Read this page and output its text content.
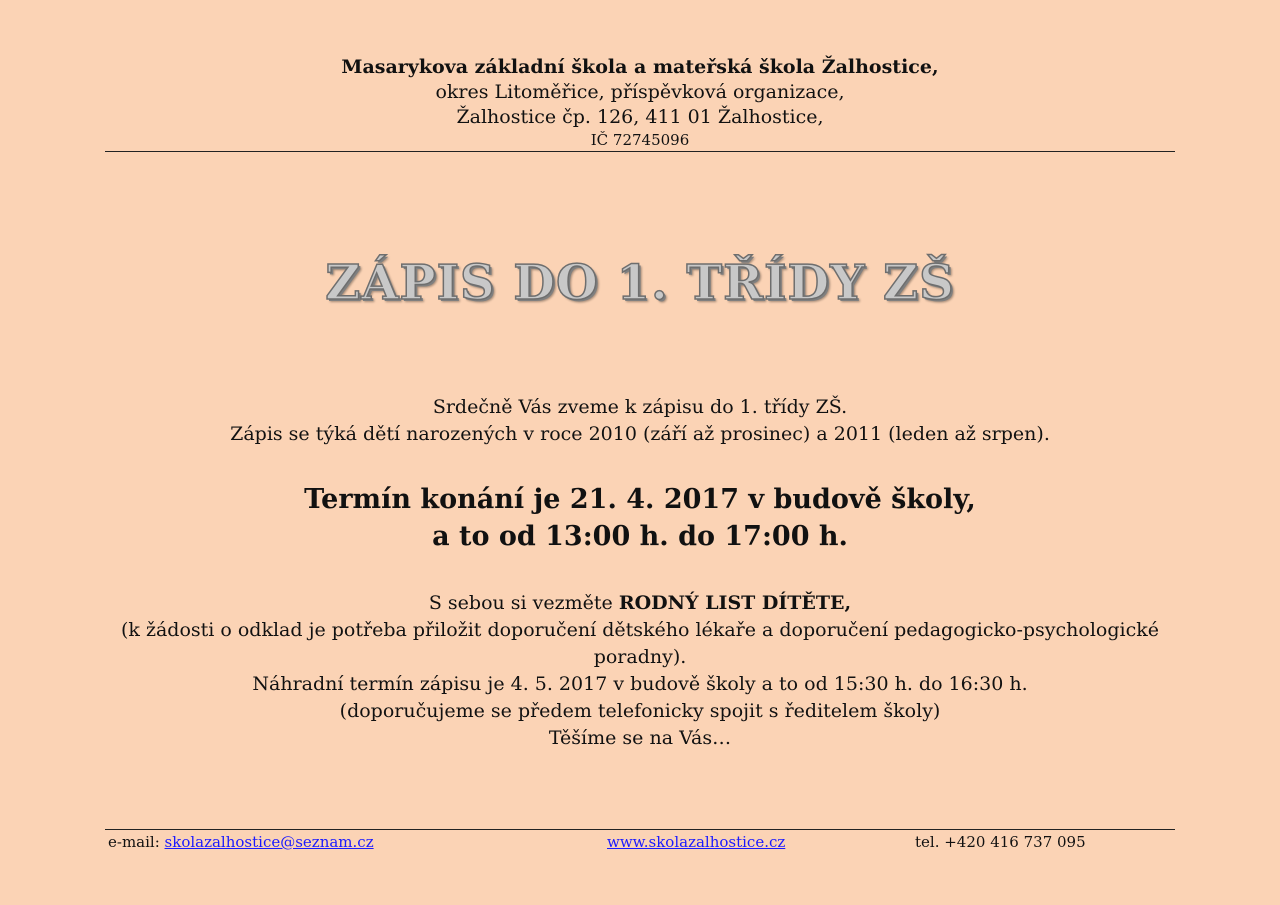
Masarykova základní škola a mateřská škola Žalhostice,
okres Litoměřice, příspěvková organizace,
Žalhostice čp. 126, 411 01 Žalhostice,
IČ 72745096
ZÁPIS DO 1. TŘÍDY ZŠ
Srdečně Vás zveme k zápisu do 1. třídy ZŠ.
Zápis se týká dětí narozených v roce 2010 (září až prosinec) a 2011 (leden až srpen).
Termín konání je 21. 4. 2017 v budově školy,
a to od 13:00 h. do 17:00 h.
S sebou si vezměte RODNÝ LIST DÍTĚTE,
(k žádosti o odklad je potřeba přiložit doporučení dětského lékaře a doporučení pedagogicko-psychologické poradny).
Náhradní termín zápisu je 4. 5. 2017 v budově školy a to od 15:30 h. do 16:30 h.
(doporučujeme se předem telefonicky spojit s ředitelem školy)
Těšíme se na Vás…
e-mail: skolazalhostice@seznam.cz	www.skolazalhostice.cz	tel. +420 416 737 095
